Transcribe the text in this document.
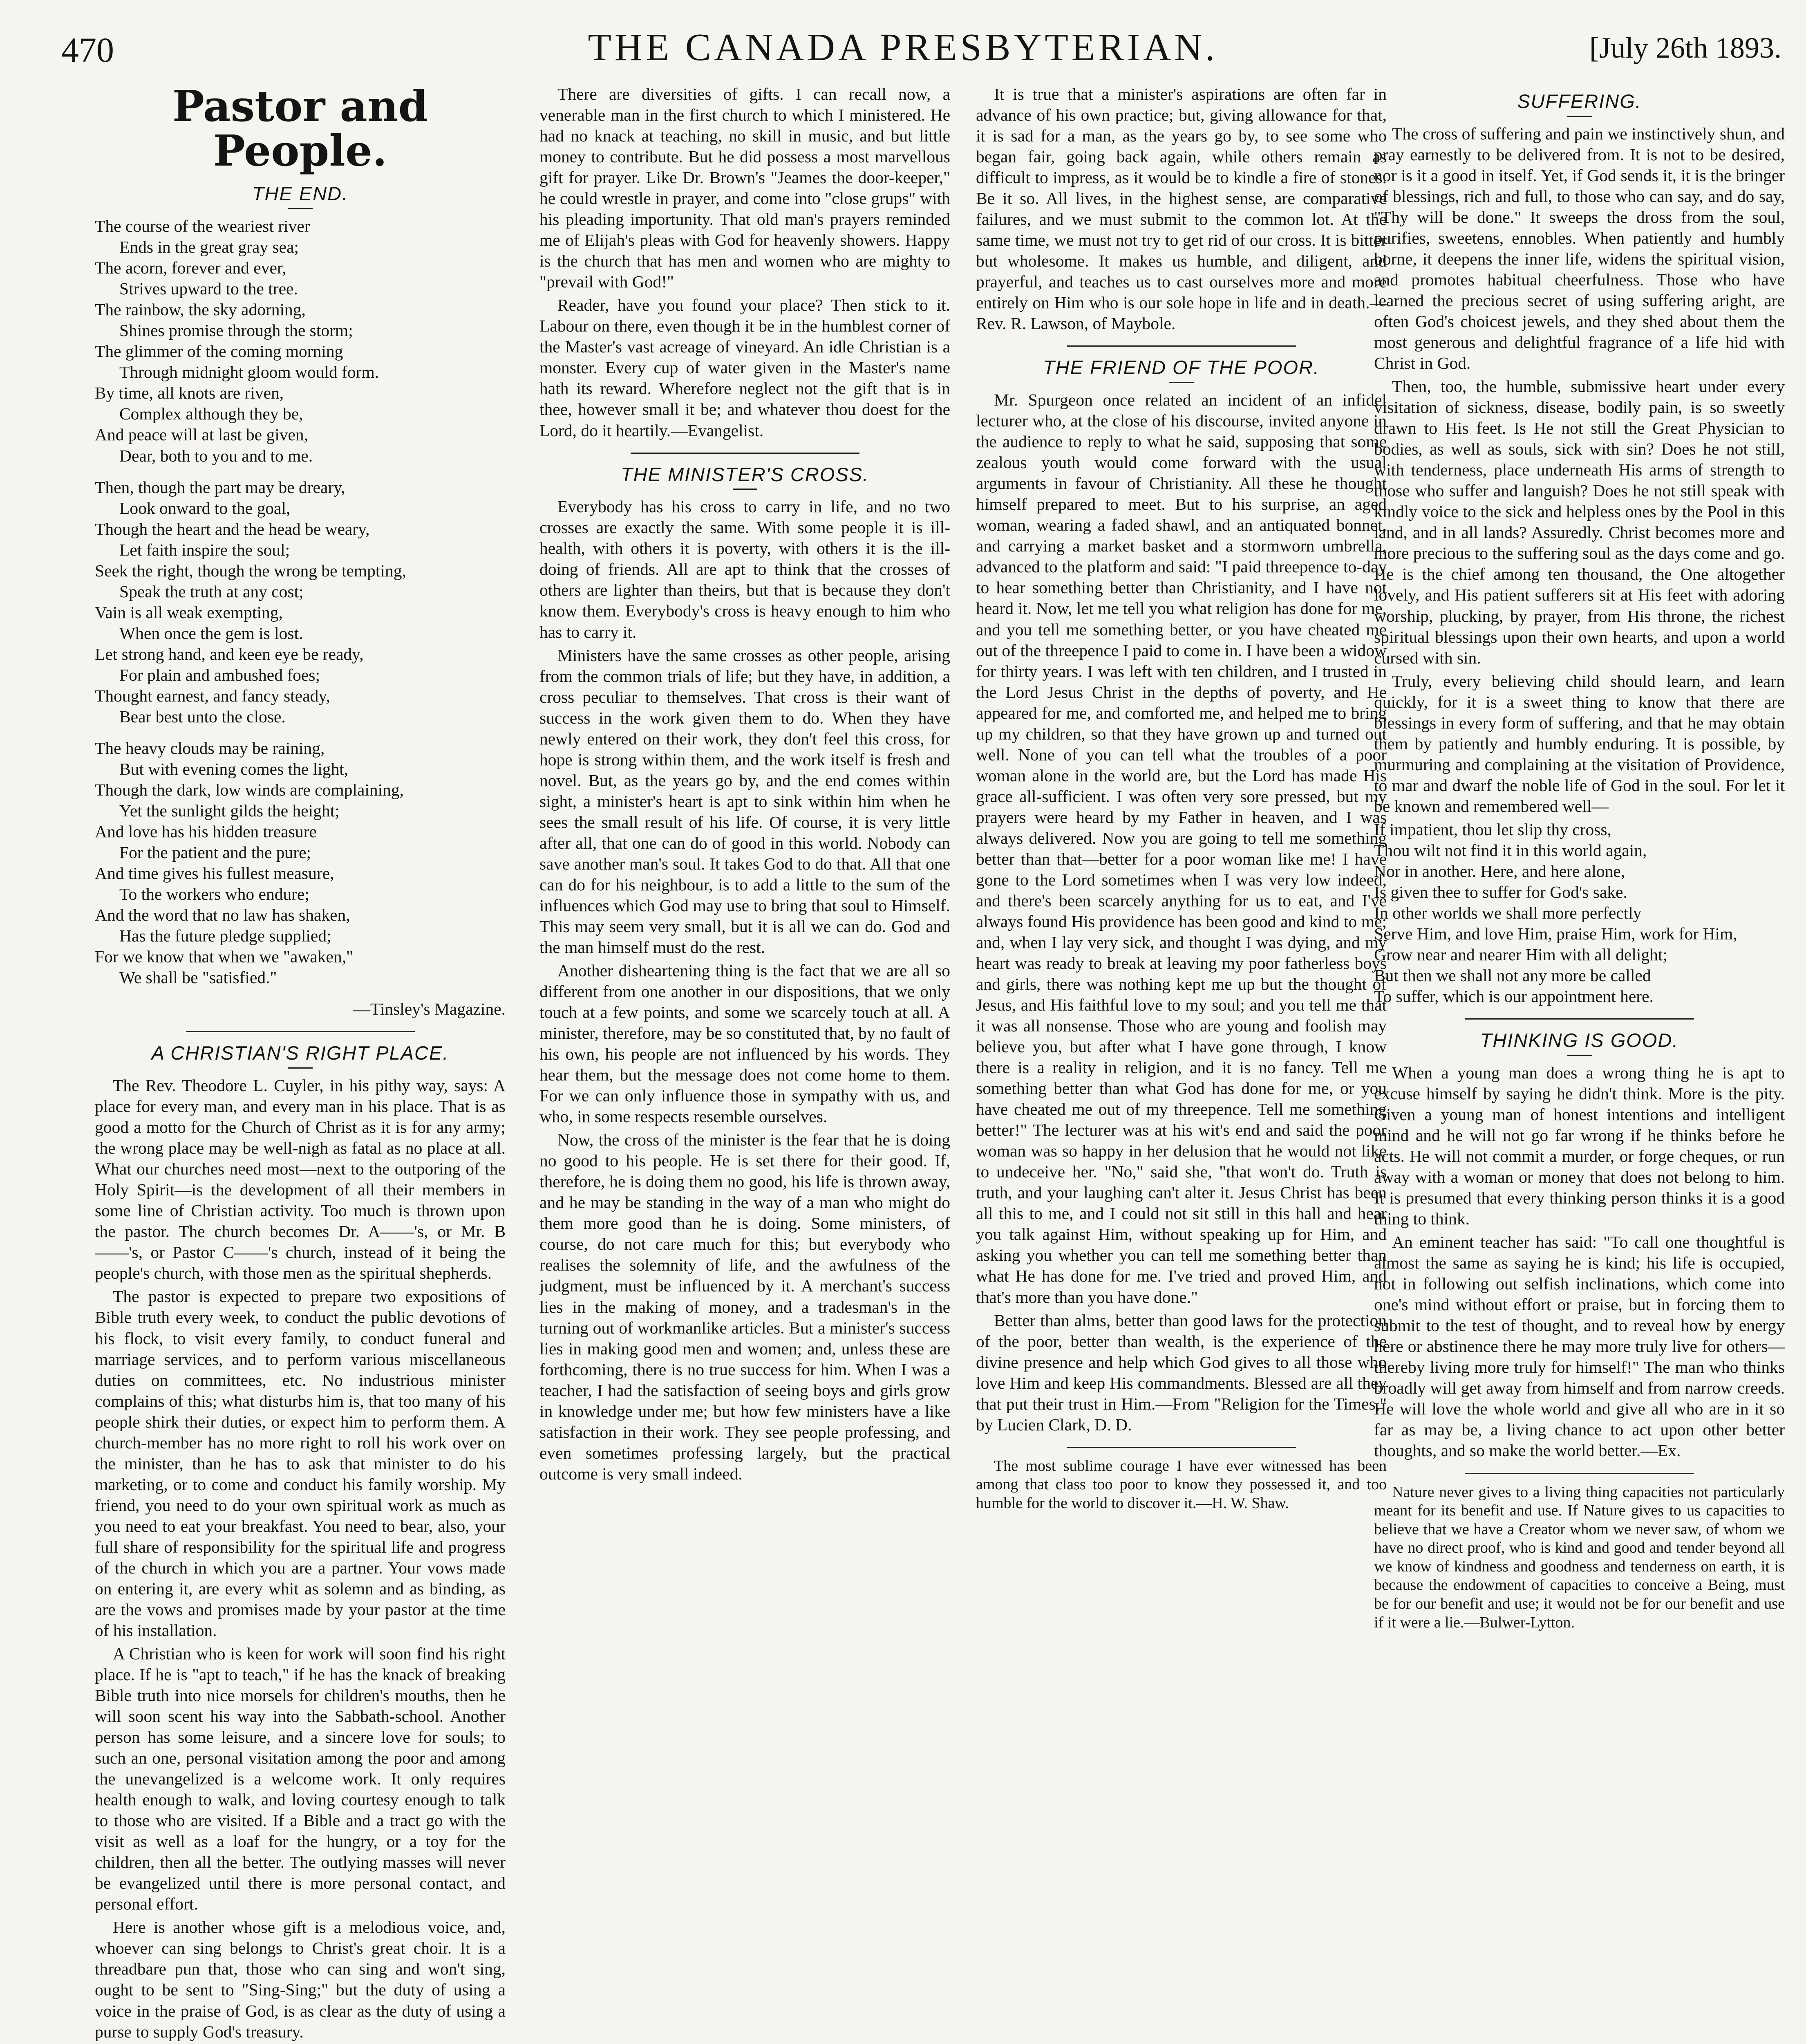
470	THE CANADA PRESBYTERIAN.	[July 26th 1893.
Pastor and People.
THE END.

The course of the weariest river

Ends in the great gray sea;

The acorn, forever and ever,

Strives upward to the tree.

The rainbow, the sky adorning,

Shines promise through the storm;

The glimmer of the coming morning

Through midnight gloom would form.

By time, all knots are riven,

Complex although they be,

And peace will at last be given,

Dear, both to you and to me.

Then, though the part may be dreary,

Look onward to the goal,

Though the heart and the head be weary,

Let faith inspire the soul;

Seek the right, though the wrong be tempting,

Speak the truth at any cost;

Vain is all weak exempting,

When once the gem is lost.

Let strong hand, and keen eye be ready,

For plain and ambushed foes;

Thought earnest, and fancy steady,

Bear best unto the close.

The heavy clouds may be raining,

But with evening comes the light,

Though the dark, low winds are complaining,

Yet the sunlight gilds the height;

And love has his hidden treasure

For the patient and the pure;

And time gives his fullest measure,

To the workers who endure;

And the word that no law has shaken,

Has the future pledge supplied;

For we know that when we "awaken,"

We shall be "satisfied."

—Tinsley's Magazine.
A CHRISTIAN'S RIGHT PLACE.

The Rev. Theodore L. Cuyler, in his pithy way, says: A place for every man, and every man in his place. That is as good a motto for the Church of Christ as it is for any army; the wrong place may be well-nigh as fatal as no place at all. What our churches need most—next to the outporing of the Holy Spirit—is the development of all their members in some line of Christian activity. Too much is thrown upon the pastor. The church becomes Dr. A——'s, or Mr. B——'s, or Pastor C——'s church, instead of it being the people's church, with those men as the spiritual shepherds.

The pastor is expected to prepare two expositions of Bible truth every week, to conduct the public devotions of his flock, to visit every family, to conduct funeral and marriage services, and to perform various miscellaneous duties on committees, etc. No industrious minister complains of this; what disturbs him is, that too many of his people shirk their duties, or expect him to perform them. A church-member has no more right to roll his work over on the minister, than he has to ask that minister to do his marketing, or to come and conduct his family worship. My friend, you need to do your own spiritual work as much as you need to eat your breakfast. You need to bear, also, your full share of responsibility for the spiritual life and progress of the church in which you are a partner. Your vows made on entering it, are every whit as solemn and as binding, as are the vows and promises made by your pastor at the time of his installation.

A Christian who is keen for work will soon find his right place. If he is "apt to teach," if he has the knack of breaking Bible truth into nice morsels for children's mouths, then he will soon scent his way into the Sabbath-school. Another person has some leisure, and a sincere love for souls; to such an one, personal visitation among the poor and among the unevangelized is a welcome work. It only requires health enough to walk, and loving courtesy enough to talk to those who are visited. If a Bible and a tract go with the visit as well as a loaf for the hungry, or a toy for the children, then all the better. The outlying masses will never be evangelized until there is more personal contact, and personal effort.

Here is another whose gift is a melodious voice, and, whoever can sing belongs to Christ's great choir. It is a threadbare pun that, those who can sing and won't sing, ought to be sent to "Sing-Sing;" but the duty of using a voice in the praise of God, is as clear as the duty of using a purse to supply God's treasury.

There are diversities of gifts. I can recall now, a venerable man in the first church to which I ministered. He had no knack at teaching, no skill in music, and but little money to contribute. But he did possess a most marvellous gift for prayer. Like Dr. Brown's "Jeames the door-keeper," he could wrestle in prayer, and come into "close grups" with his pleading importunity. That old man's prayers reminded me of Elijah's pleas with God for heavenly showers. Happy is the church that has men and women who are mighty to "prevail with God!"

Reader, have you found your place? Then stick to it. Labour on there, even though it be in the humblest corner of the Master's vast acreage of vineyard. An idle Christian is a monster. Every cup of water given in the Master's name hath its reward. Wherefore neglect not the gift that is in thee, however small it be; and whatever thou doest for the Lord, do it heartily.—Evangelist.

THE MINISTER'S CROSS.

Everybody has his cross to carry in life, and no two crosses are exactly the same. With some people it is ill-health, with others it is poverty, with others it is the ill-doing of friends. All are apt to think that the crosses of others are lighter than theirs, but that is because they don't know them. Everybody's cross is heavy enough to him who has to carry it.

Ministers have the same crosses as other people, arising from the common trials of life; but they have, in addition, a cross peculiar to themselves. That cross is their want of success in the work given them to do. When they have newly entered on their work, they don't feel this cross, for hope is strong within them, and the work itself is fresh and novel. But, as the years go by, and the end comes within sight, a minister's heart is apt to sink within him when he sees the small result of his life. Of course, it is very little after all, that one can do of good in this world. Nobody can save another man's soul. It takes God to do that. All that one can do for his neighbour, is to add a little to the sum of the influences which God may use to bring that soul to Himself. This may seem very small, but it is all we can do. God and the man himself must do the rest.

Another disheartening thing is the fact that we are all so different from one another in our dispositions, that we only touch at a few points, and some we scarcely touch at all. A minister, therefore, may be so constituted that, by no fault of his own, his people are not influenced by his words. They hear them, but the message does not come home to them. For we can only influence those in sympathy with us, and who, in some respects resemble ourselves.

Now, the cross of the minister is the fear that he is doing no good to his people. He is set there for their good. If, therefore, he is doing them no good, his life is thrown away, and he may be standing in the way of a man who might do them more good than he is doing. Some ministers, of course, do not care much for this; but everybody who realises the solemnity of life, and the awfulness of the judgment, must be influenced by it. A merchant's success lies in the making of money, and a tradesman's in the turning out of workmanlike articles. But a minister's success lies in making good men and women; and, unless these are forthcoming, there is no true success for him. When I was a teacher, I had the satisfaction of seeing boys and girls grow in knowledge under me; but how few ministers have a like satisfaction in their work. They see people professing, and even sometimes professing largely, but the practical outcome is very small indeed.

It is true that a minister's aspirations are often far in advance of his own practice; but, giving allowance for that, it is sad for a man, as the years go by, to see some who began fair, going back again, while others remain as difficult to impress, as it would be to kindle a fire of stones. Be it so. All lives, in the highest sense, are comparative failures, and we must submit to the common lot. At the same time, we must not try to get rid of our cross. It is bitter but wholesome. It makes us humble, and diligent, and prayerful, and teaches us to cast ourselves more and more entirely on Him who is our sole hope in life and in death.—Rev. R. Lawson, of Maybole.

THE FRIEND OF THE POOR.

Mr. Spurgeon once related an incident of an infidel lecturer who, at the close of his discourse, invited anyone in the audience to reply to what he said, supposing that some zealous youth would come forward with the usual arguments in favour of Christianity. All these he thought himself prepared to meet. But to his surprise, an aged woman, wearing a faded shawl, and an antiquated bonnet, and carrying a market basket and a stormworn umbrella, advanced to the platform and said: "I paid threepence to-day to hear something better than Christianity, and I have not heard it. Now, let me tell you what religion has done for me, and you tell me something better, or you have cheated me out of the threepence I paid to come in. I have been a widow for thirty years. I was left with ten children, and I trusted in the Lord Jesus Christ in the depths of poverty, and He appeared for me, and comforted me, and helped me to bring up my children, so that they have grown up and turned out well. None of you can tell what the troubles of a poor woman alone in the world are, but the Lord has made His grace all-sufficient. I was often very sore pressed, but my prayers were heard by my Father in heaven, and I was always delivered. Now you are going to tell me something better than that—better for a poor woman like me! I have gone to the Lord sometimes when I was very low indeed, and there's been scarcely anything for us to eat, and I've always found His providence has been good and kind to me; and, when I lay very sick, and thought I was dying, and my heart was ready to break at leaving my poor fatherless boys and girls, there was nothing kept me up but the thought of Jesus, and His faithful love to my soul; and you tell me that it was all nonsense. Those who are young and foolish may believe you, but after what I have gone through, I know there is a reality in religion, and it is no fancy. Tell me something better than what God has done for me, or you have cheated me out of my threepence. Tell me something better!" The lecturer was at his wit's end and said the poor woman was so happy in her delusion that he would not like to undeceive her. "No," said she, "that won't do. Truth is truth, and your laughing can't alter it. Jesus Christ has been all this to me, and I could not sit still in this hall and hear you talk against Him, without speaking up for Him, and asking you whether you can tell me something better than what He has done for me. I've tried and proved Him, and that's more than you have done."

Better than alms, better than good laws for the protection of the poor, better than wealth, is the experience of the divine presence and help which God gives to all those who love Him and keep His commandments. Blessed are all they that put their trust in Him.—From "Religion for the Times," by Lucien Clark, D. D.

The most sublime courage I have ever witnessed has been among that class too poor to know they possessed it, and too humble for the world to discover it.—H. W. Shaw.

SUFFERING.

The cross of suffering and pain we instinctively shun, and pray earnestly to be delivered from. It is not to be desired, nor is it a good in itself. Yet, if God sends it, it is the bringer of blessings, rich and full, to those who can say, and do say, "Thy will be done." It sweeps the dross from the soul, purifies, sweetens, ennobles. When patiently and humbly borne, it deepens the inner life, widens the spiritual vision, and promotes habitual cheerfulness. Those who have learned the precious secret of using suffering aright, are often God's choicest jewels, and they shed about them the most generous and delightful fragrance of a life hid with Christ in God.

Then, too, the humble, submissive heart under every visitation of sickness, disease, bodily pain, is so sweetly drawn to His feet. Is He not still the Great Physician to bodies, as well as souls, sick with sin? Does he not still, with tenderness, place underneath His arms of strength to those who suffer and languish? Does he not still speak with kindly voice to the sick and helpless ones by the Pool in this land, and in all lands? Assuredly. Christ becomes more and more precious to the suffering soul as the days come and go. He is the chief among ten thousand, the One altogether lovely, and His patient sufferers sit at His feet with adoring worship, plucking, by prayer, from His throne, the richest spiritual blessings upon their own hearts, and upon a world cursed with sin.

Truly, every believing child should learn, and learn quickly, for it is a sweet thing to know that there are blessings in every form of suffering, and that he may obtain them by patiently and humbly enduring. It is possible, by murmuring and complaining at the visitation of Providence, to mar and dwarf the noble life of God in the soul. For let it be known and remembered well—

If impatient, thou let slip thy cross,

Thou wilt not find it in this world again,

Nor in another. Here, and here alone,

Is given thee to suffer for God's sake.

In other worlds we shall more perfectly

Serve Him, and love Him, praise Him, work for Him,

Grow near and nearer Him with all delight;

But then we shall not any more be called

To suffer, which is our appointment here.

THINKING IS GOOD.

When a young man does a wrong thing he is apt to excuse himself by saying he didn't think. More is the pity. Given a young man of honest intentions and intelligent mind and he will not go far wrong if he thinks before he acts. He will not commit a murder, or forge cheques, or run away with a woman or money that does not belong to him. It is presumed that every thinking person thinks it is a good thing to think.

An eminent teacher has said: "To call one thoughtful is almost the same as saying he is kind; his life is occupied, not in following out selfish inclinations, which come into one's mind without effort or praise, but in forcing them to submit to the test of thought, and to reveal how by energy here or abstinence there he may more truly live for others—thereby living more truly for himself!" The man who thinks broadly will get away from himself and from narrow creeds. He will love the whole world and give all who are in it so far as may be, a living chance to act upon other better thoughts, and so make the world better.—Ex.

Nature never gives to a living thing capacities not particularly meant for its benefit and use. If Nature gives to us capacities to believe that we have a Creator whom we never saw, of whom we have no direct proof, who is kind and good and tender beyond all we know of kindness and goodness and tenderness on earth, it is because the endowment of capacities to conceive a Being, must be for our benefit and use; it would not be for our benefit and use if it were a lie.—Bulwer-Lytton.
